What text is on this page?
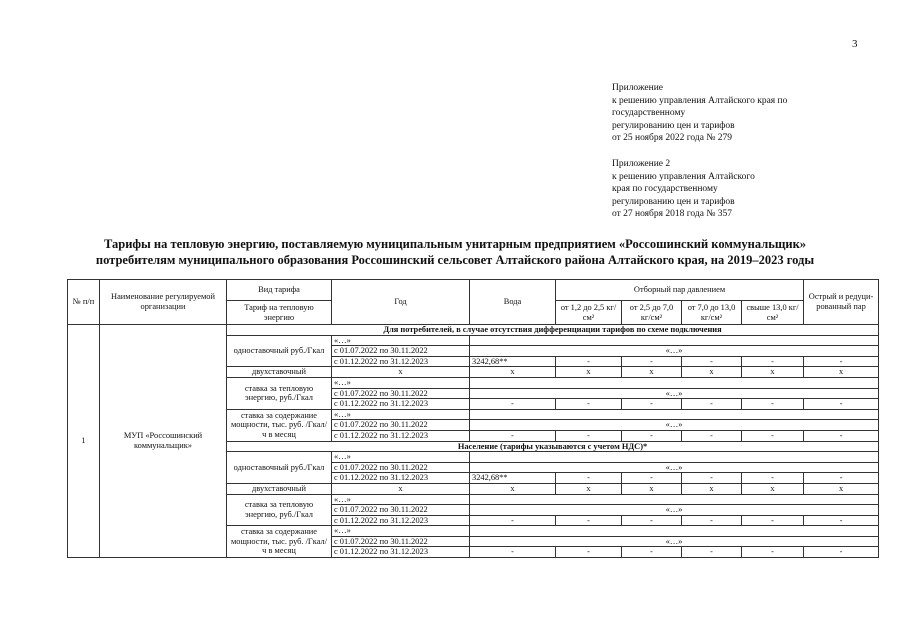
3
Приложение
к решению управления Алтайского края по
государственному
регулированию цен и тарифов
от 25 ноября 2022 года № 279
Приложение 2
к решению управления Алтайского
края по государственному
регулированию цен и тарифов
от 27 ноября 2018 года № 357
Тарифы на тепловую энергию, поставляемую муниципальным унитарным предприятием «Россошинский коммунальщик»
потребителям муниципального образования Россошинский сельсовет Алтайского района Алтайского края, на 2019–2023 годы
№ п/п	Наименование регулируемой организации	Вид тарифа	Год	Вода	Отборный пар давлением				Острый и редуци-рованный пар
		Тариф на тепловую энергию			от 1,2 до 2,5 кг/см²	от 2,5 до 7,0 кг/см²	от 7,0 до 13,0 кг/см²	свыше 13,0 кг/см²	
1	МУП «Россошинский коммунальщик»	Для потребителей, в случае отсутствия дифференциации тарифов по схеме подключения							
		одноставочный руб./Гкал	«…»						
			с 01.07.2022 по 30.11.2022	«…»					
			с 01.12.2022 по 31.12.2023	3242,68**	-	-	-	-	-
		двухставочный	х	х	х	х	х	х	х
		ставка за тепловую энергию, руб./Гкал	«…»						
			с 01.07.2022 по 30.11.2022	«…»					
			с 01.12.2022 по 31.12.2023	-	-	-	-	-	-
		ставка за содержание мощности, тыс. руб. /Гкал/ч в месяц	«…»						
			с 01.07.2022 по 30.11.2022	«…»					
			с 01.12.2022 по 31.12.2023	-	-	-	-	-	-
		Население (тарифы указываются с учетом НДС)*							
		одноставочный руб./Гкал	«…»						
			с 01.07.2022 по 30.11.2022	«…»					
			с 01.12.2022 по 31.12.2023	3242,68**	-	-	-	-	-
		двухставочный	х	х	х	х	х	х	х
		ставка за тепловую энергию, руб./Гкал	«…»						
			с 01.07.2022 по 30.11.2022	«…»					
			с 01.12.2022 по 31.12.2023	-	-	-	-	-	-
		ставка за содержание мощности, тыс. руб. /Гкал/ч в месяц	«…»						
			с 01.07.2022 по 30.11.2022	«…»					
			с 01.12.2022 по 31.12.2023	-	-	-	-	-	-
